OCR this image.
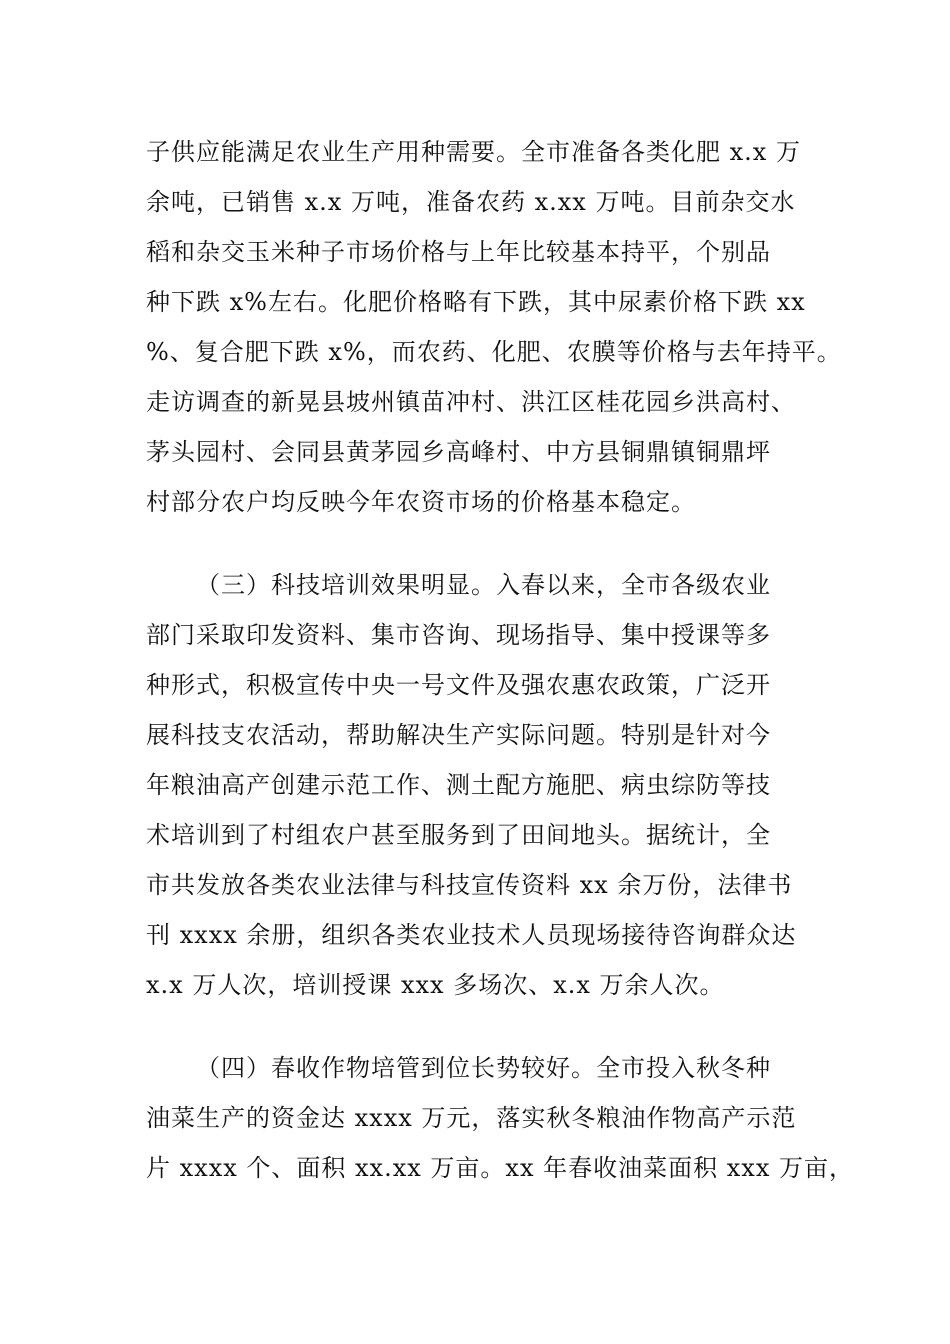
子供应能满足农业生产用种需要。全市准备各类化肥 x.x 万
余吨，已销售 x.x 万吨，准备农药 x.xx 万吨。目前杂交水
稻和杂交玉米种子市场价格与上年比较基本持平，个别品
种下跌 x%左右。化肥价格略有下跌，其中尿素价格下跌 xx
%、复合肥下跌 x%，而农药、化肥、农膜等价格与去年持平。
走访调查的新晃县坡州镇苗冲村、洪江区桂花园乡洪高村、
茅头园村、会同县黄茅园乡高峰村、中方县铜鼎镇铜鼎坪
村部分农户均反映今年农资市场的价格基本稳定。
（三）科技培训效果明显。入春以来，全市各级农业
部门采取印发资料、集市咨询、现场指导、集中授课等多
种形式，积极宣传中央一号文件及强农惠农政策，广泛开
展科技支农活动，帮助解决生产实际问题。特别是针对今
年粮油高产创建示范工作、测土配方施肥、病虫综防等技
术培训到了村组农户甚至服务到了田间地头。据统计，全
市共发放各类农业法律与科技宣传资料 xx 余万份，法律书
刊 xxxx 余册，组织各类农业技术人员现场接待咨询群众达
x.x 万人次，培训授课 xxx 多场次、x.x 万余人次。
（四）春收作物培管到位长势较好。全市投入秋冬种
油菜生产的资金达 xxxx 万元，落实秋冬粮油作物高产示范
片 xxxx 个、面积 xx.xx 万亩。xx 年春收油菜面积 xxx 万亩，
